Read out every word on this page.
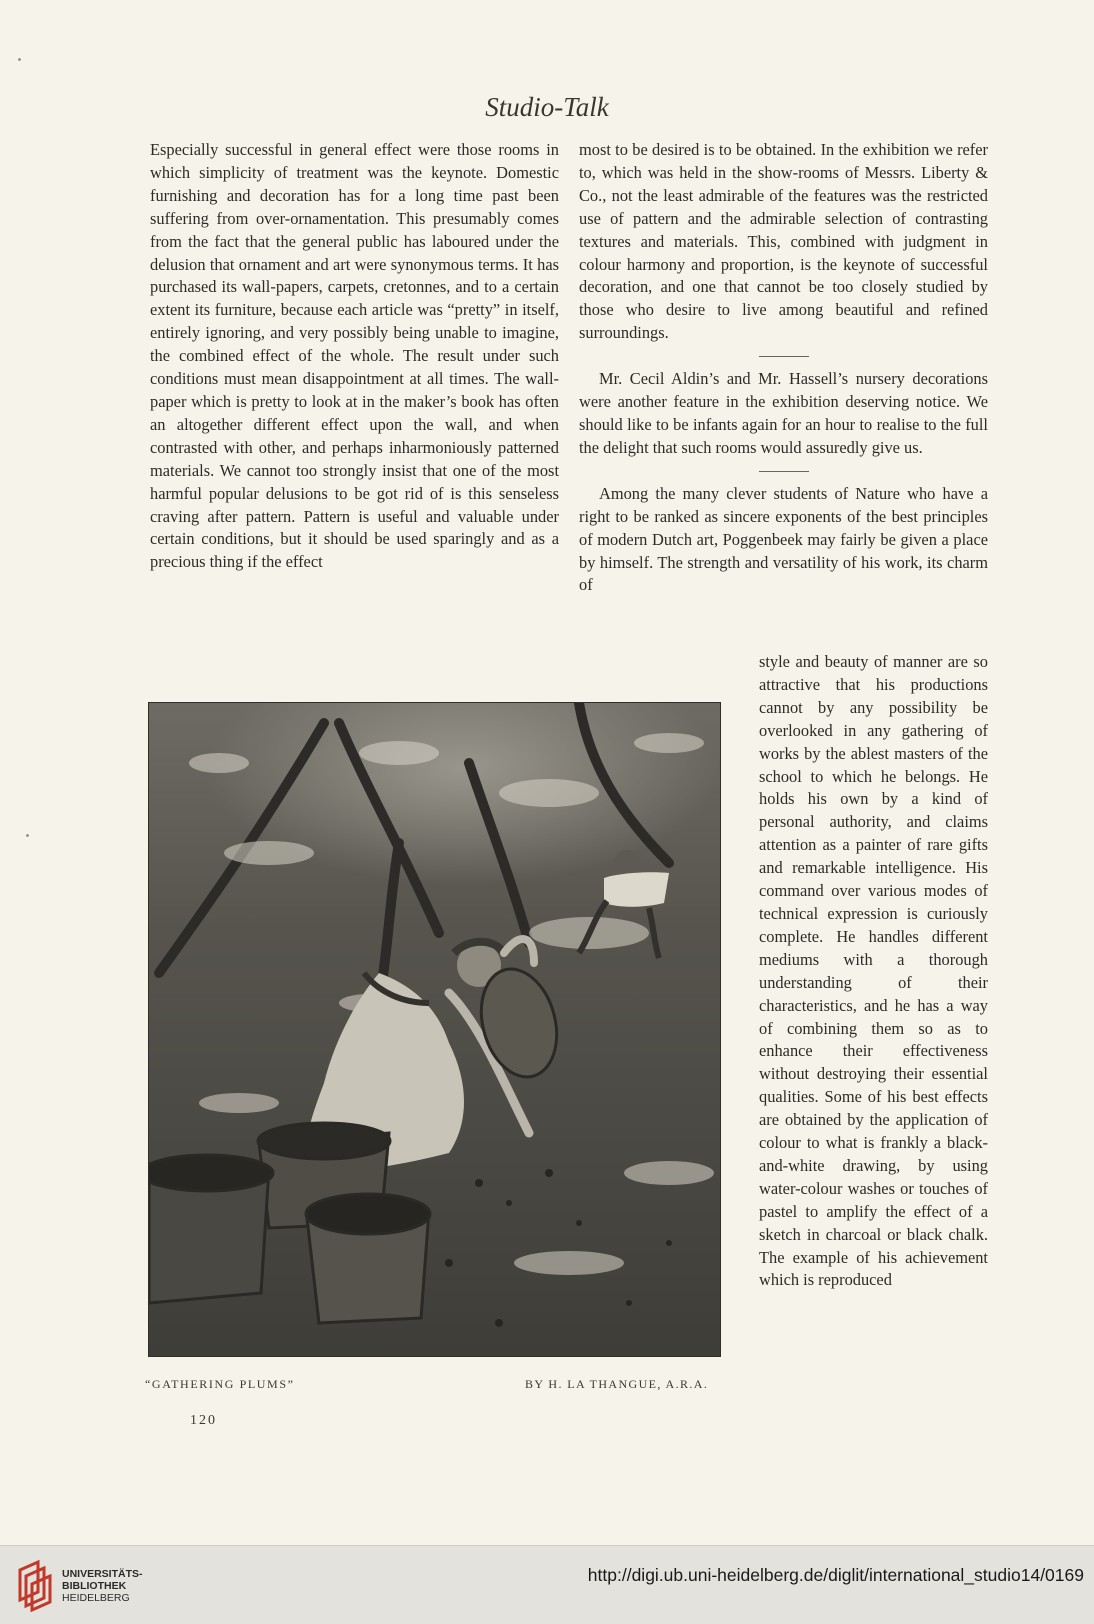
Studio-Talk

Especially successful in general effect were those rooms in which simplicity of treatment was the keynote. Domestic furnishing and decoration has for a long time past been suffering from over-ornamentation. This presumably comes from the fact that the general public has laboured under the delusion that ornament and art were synonymous terms. It has purchased its wall-papers, carpets, cretonnes, and to a certain extent its furniture, because each article was “pretty” in itself, entirely ignoring, and very possibly being unable to imagine, the combined effect of the whole. The result under such conditions must mean disappointment at all times. The wall-paper which is pretty to look at in the maker’s book has often an altogether different effect upon the wall, and when contrasted with other, and perhaps inharmoniously patterned materials. We cannot too strongly insist that one of the most harmful popular delusions to be got rid of is this senseless craving after pattern. Pattern is useful and valuable under certain conditions, but it should be used sparingly and as a precious thing if the effect

most to be desired is to be obtained. In the exhibition we refer to, which was held in the show-rooms of Messrs. Liberty & Co., not the least admirable of the features was the restricted use of pattern and the admirable selection of contrasting textures and materials. This, combined with judgment in colour harmony and proportion, is the keynote of successful decoration, and one that cannot be too closely studied by those who desire to live among beautiful and refined surroundings.

Mr. Cecil Aldin’s and Mr. Hassell’s nursery decorations were another feature in the exhibition deserving notice. We should like to be infants again for an hour to realise to the full the delight that such rooms would assuredly give us.

Among the many clever students of Nature who have a right to be ranked as sincere exponents of the best principles of modern Dutch art, Poggenbeek may fairly be given a place by himself. The strength and versatility of his work, its charm of

style and beauty of manner are so attractive that his productions cannot by any possibility be overlooked in any gathering of works by the ablest masters of the school to which he belongs. He holds his own by a kind of personal authority, and claims attention as a painter of rare gifts and remarkable intelligence. His command over various modes of technical expression is curiously complete. He handles different mediums with a thorough understanding of their characteristics, and he has a way of combining them so as to enhance their effectiveness without destroying their essential qualities. Some of his best effects are obtained by the application of colour to what is frankly a black-and-white drawing, by using water-colour washes or touches of pastel to amplify the effect of a sketch in charcoal or black chalk. The example of his achievement which is reproduced
“GATHERING PLUMS”	BY H. LA THANGUE, A.R.A.
120
UNIVERSITÄTS-
BIBLIOTHEK
HEIDELBERG
http://digi.ub.uni-heidelberg.de/diglit/international_studio14/0169
